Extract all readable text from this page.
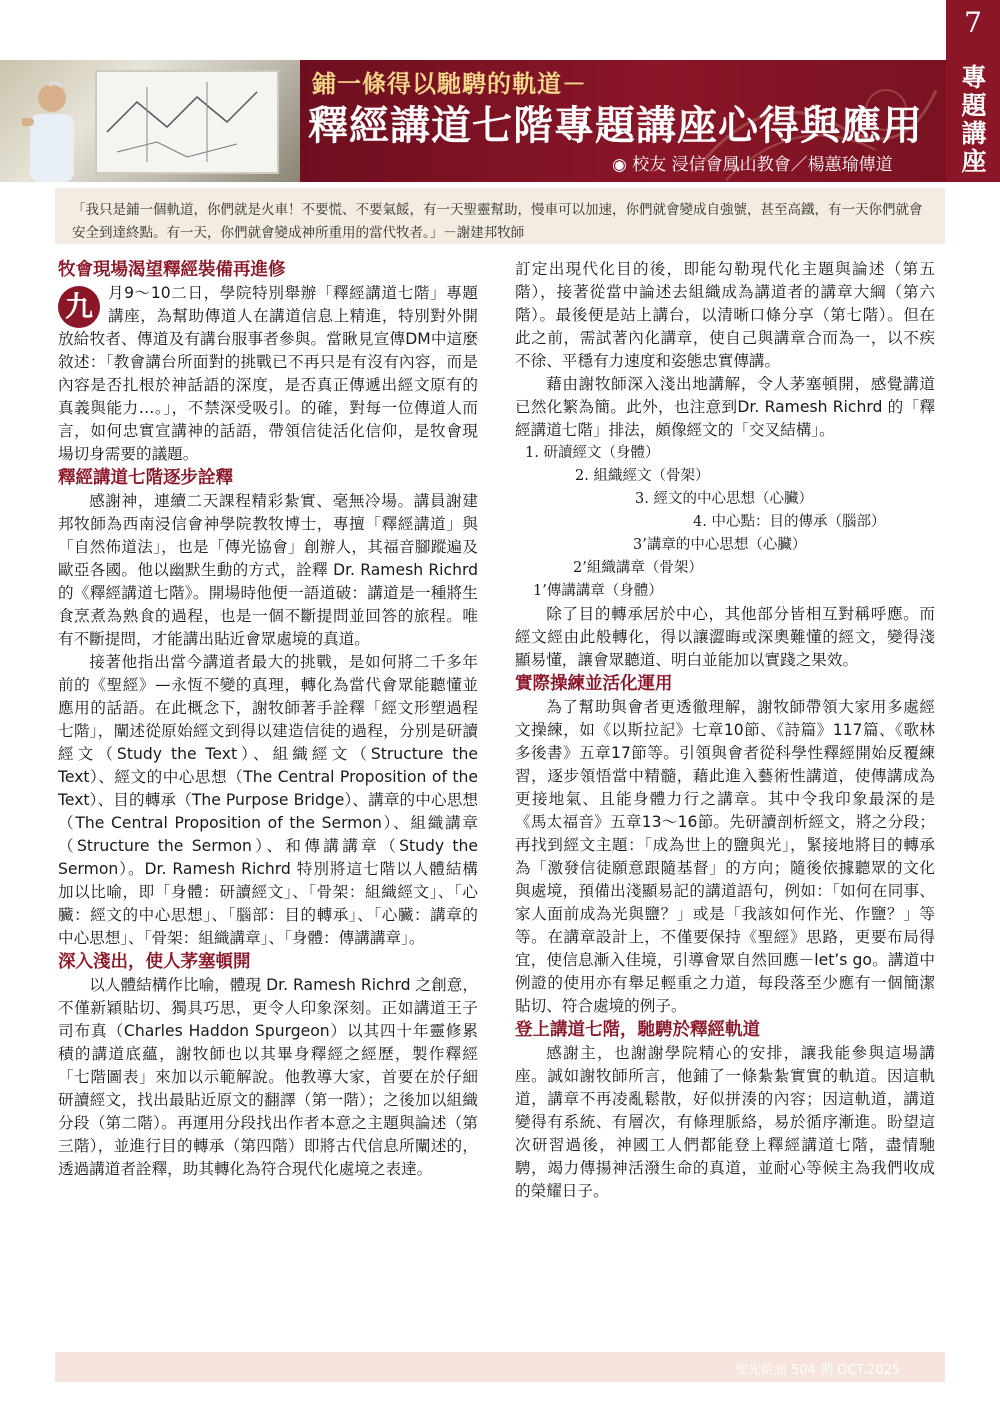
鋪一條得以馳騁的軌道－
釋經講道七階專題講座心得與應用
◉ 校友 浸信會鳳山教會／楊蕙瑜傳道
7
專題講座
「我只是鋪一個軌道，你們就是火車！不要慌、不要氣餒，有一天聖靈幫助，慢車可以加速，你們就會變成自強號，甚至高鐵，有一天你們就會安全到達終點。有一天，你們就會變成神所重用的當代牧者。」－謝建邦牧師
牧會現場渴望釋經裝備再進修

九 月9～10二日，學院特別舉辦「釋經講道七階」專題講座，為幫助傳道人在講道信息上精進，特別對外開放給牧者、傳道及有講台服事者參與。當瞅見宣傳DM中這麼敘述：「教會講台所面對的挑戰已不再只是有沒有內容，而是內容是否扎根於神話語的深度，是否真正傳遞出經文原有的真義與能力…。」，不禁深受吸引。的確，對每一位傳道人而言，如何忠實宣講神的話語，帶領信徒活化信仰，是牧會現場切身需要的議題。

釋經講道七階逐步詮釋

感謝神，連續二天課程精彩紮實、毫無冷場。講員謝建邦牧師為西南浸信會神學院教牧博士，專擅「釋經講道」與「自然佈道法」，也是「傳光協會」創辦人，其福音腳蹤遍及歐亞各國。他以幽默生動的方式，詮釋 Dr. Ramesh Richrd 的《釋經講道七階》。開場時他便一語道破：講道是一種將生食烹煮為熟食的過程，也是一個不斷提問並回答的旅程。唯有不斷提問，才能講出貼近會眾處境的真道。

接著他指出當今講道者最大的挑戰，是如何將二千多年前的《聖經》—永恆不變的真理，轉化為當代會眾能聽懂並應用的話語。在此概念下，謝牧師著手詮釋「經文形塑過程七階」，闡述從原始經文到得以建造信徒的過程，分別是研讀經文（Study the Text）、組織經文（Structure the Text）、經文的中心思想（The Central Proposition of the Text）、目的轉承（The Purpose Bridge）、講章的中心思想（The Central Proposition of the Sermon）、組織講章（Structure the Sermon）、和傳講講章（Study the Sermon）。Dr. Ramesh Richrd 特別將這七階以人體結構加以比喻，即「身體：研讀經文」、「骨架：組織經文」、「心臟：經文的中心思想」、「腦部：目的轉承」、「心臟：講章的中心思想」、「骨架：組織講章」、「身體：傳講講章」。

深入淺出，使人茅塞頓開

以人體結構作比喻，體現 Dr. Ramesh Richrd 之創意，不僅新穎貼切、獨具巧思，更令人印象深刻。正如講道王子司布真（Charles Haddon Spurgeon）以其四十年靈修累積的講道底蘊，謝牧師也以其畢身釋經之經歷，製作釋經「七階圖表」來加以示範解說。他教導大家，首要在於仔細研讀經文，找出最貼近原文的翻譯（第一階）；之後加以組織分段（第二階）。再運用分段找出作者本意之主題與論述（第三階），並進行目的轉承（第四階）即將古代信息所闡述的，透過講道者詮釋，助其轉化為符合現代化處境之表達。

訂定出現代化目的後，即能勾勒現代化主題與論述（第五階），接著從當中論述去組織成為講道者的講章大綱（第六階）。最後便是站上講台，以清晰口條分享（第七階）。但在此之前，需試著內化講章，使自己與講章合而為一，以不疾不徐、平穩有力速度和姿態忠實傳講。

藉由謝牧師深入淺出地講解，令人茅塞頓開，感覺講道已然化繁為簡。此外，也注意到Dr. Ramesh Richrd 的「釋經講道七階」排法，頗像經文的「交叉結構」。

1. 研讀經文（身體）
2. 組織經文（骨架）
3. 經文的中心思想（心臟）
4. 中心點：目的傳承（腦部）
3’講章的中心思想（心臟）
2’組織講章（骨架）
1’傳講講章（身體）

除了目的轉承居於中心，其他部分皆相互對稱呼應。而經文經由此般轉化，得以讓澀晦或深奧難懂的經文，變得淺顯易懂，讓會眾聽道、明白並能加以實踐之果效。

實際操練並活化運用

為了幫助與會者更透徹理解，謝牧師帶領大家用多處經文操練，如《以斯拉記》七章10節、《詩篇》117篇、《歌林多後書》五章17節等。引領與會者從科學性釋經開始反覆練習，逐步領悟當中精髓，藉此進入藝術性講道，使傳講成為更接地氣、且能身體力行之講章。其中令我印象最深的是《馬太福音》五章13～16節。先研讀剖析經文，將之分段；再找到經文主題：「成為世上的鹽與光」，緊接地將目的轉承為「激發信徒願意跟隨基督」的方向；隨後依據聽眾的文化與處境，預備出淺顯易記的講道語句，例如：「如何在同事、家人面前成為光與鹽？」或是「我該如何作光、作鹽？」等等。在講章設計上，不僅要保持《聖經》思路，更要布局得宜，使信息漸入佳境，引導會眾自然回應－let’s go。講道中例證的使用亦有舉足輕重之力道，每段落至少應有一個簡潔貼切、符合處境的例子。

登上講道七階，馳騁於釋經軌道

感謝主，也謝謝學院精心的安排，讓我能參與這場講座。誠如謝牧師所言，他鋪了一條紮紮實實的軌道。因這軌道，講章不再凌亂鬆散，好似拼湊的內容；因這軌道，講道變得有系統、有層次，有條理脈絡，易於循序漸進。盼望這次研習過後，神國工人們都能登上釋經講道七階，盡情馳騁，竭力傳揚神活潑生命的真道，並耐心等候主為我們收成的榮耀日子。

聖光院訊 504 期 OCT.2025
